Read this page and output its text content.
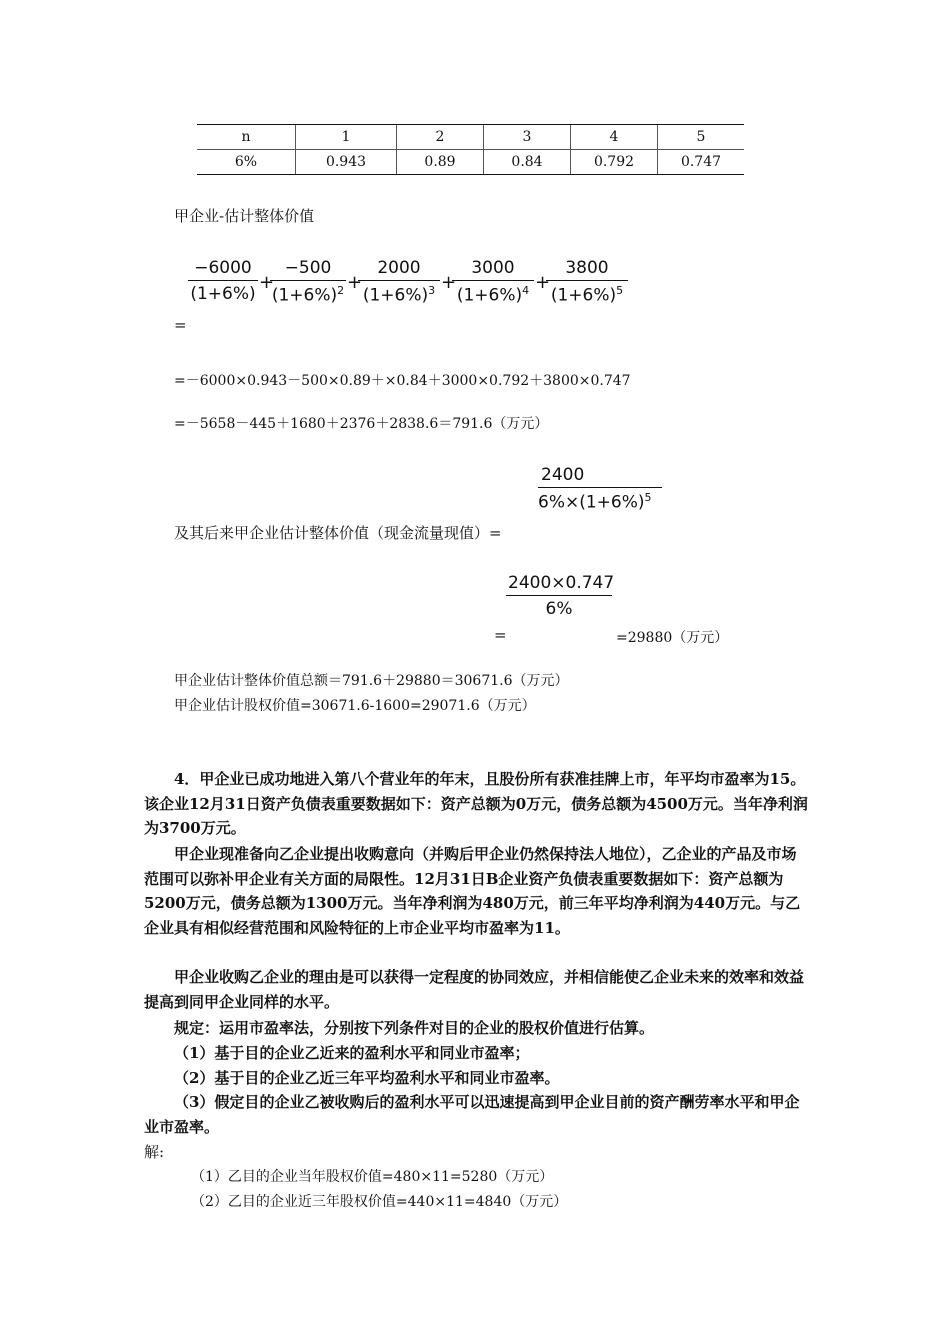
n	1	2	3	4	5
6%	0.943	0.89	0.84	0.792	0.747
甲企业-估计整体价值
$\frac{-6000}{(1+6\%)}$ +
$\frac{-500}{(1+6\%)^2}$ +
$\frac{2000}{(1+6\%)^3}$ +
$\frac{3000}{(1+6\%)^4}$ +
$\frac{3800}{(1+6\%)^5}$
=
=－6000×0.943－500×0.89＋×0.84＋3000×0.792＋3800×0.747
=－5658－445＋1680＋2376＋2838.6＝791.6（万元）
$\frac{2400}{6\%\times(1+6\%)^5}$
及其后来甲企业估计整体价值（现金流量现值）=
$\frac{2400\times 0.747}{6\%}$
=	=29880（万元）
甲企业估计整体价值总额＝791.6＋29880＝30671.6（万元）
甲企业估计股权价值=30671.6-1600=29071.6（万元）
4．甲企业已成功地进入第八个营业年的年末，且股份所有获准挂牌上市，年平均市盈率为15。该企业12月31日资产负债表重要数据如下：资产总额为0万元，债务总额为4500万元。当年净利润为3700万元。
甲企业现准备向乙企业提出收购意向（并购后甲企业仍然保持法人地位），乙企业的产品及市场范围可以弥补甲企业有关方面的局限性。12月31日B企业资产负债表重要数据如下：资产总额为5200万元，债务总额为1300万元。当年净利润为480万元，前三年平均净利润为440万元。与乙企业具有相似经营范围和风险特征的上市企业平均市盈率为11。
甲企业收购乙企业的理由是可以获得一定程度的协同效应，并相信能使乙企业未来的效率和效益提高到同甲企业同样的水平。
规定：运用市盈率法，分别按下列条件对目的企业的股权价值进行估算。
（1）基于目的企业乙近来的盈利水平和同业市盈率；
（2）基于目的企业乙近三年平均盈利水平和同业市盈率。
（3）假定目的企业乙被收购后的盈利水平可以迅速提高到甲企业目前的资产酬劳率水平和甲企业市盈率。
解:
（1）乙目的企业当年股权价值=480×11=5280（万元）
（2）乙目的企业近三年股权价值=440×11=4840（万元）
